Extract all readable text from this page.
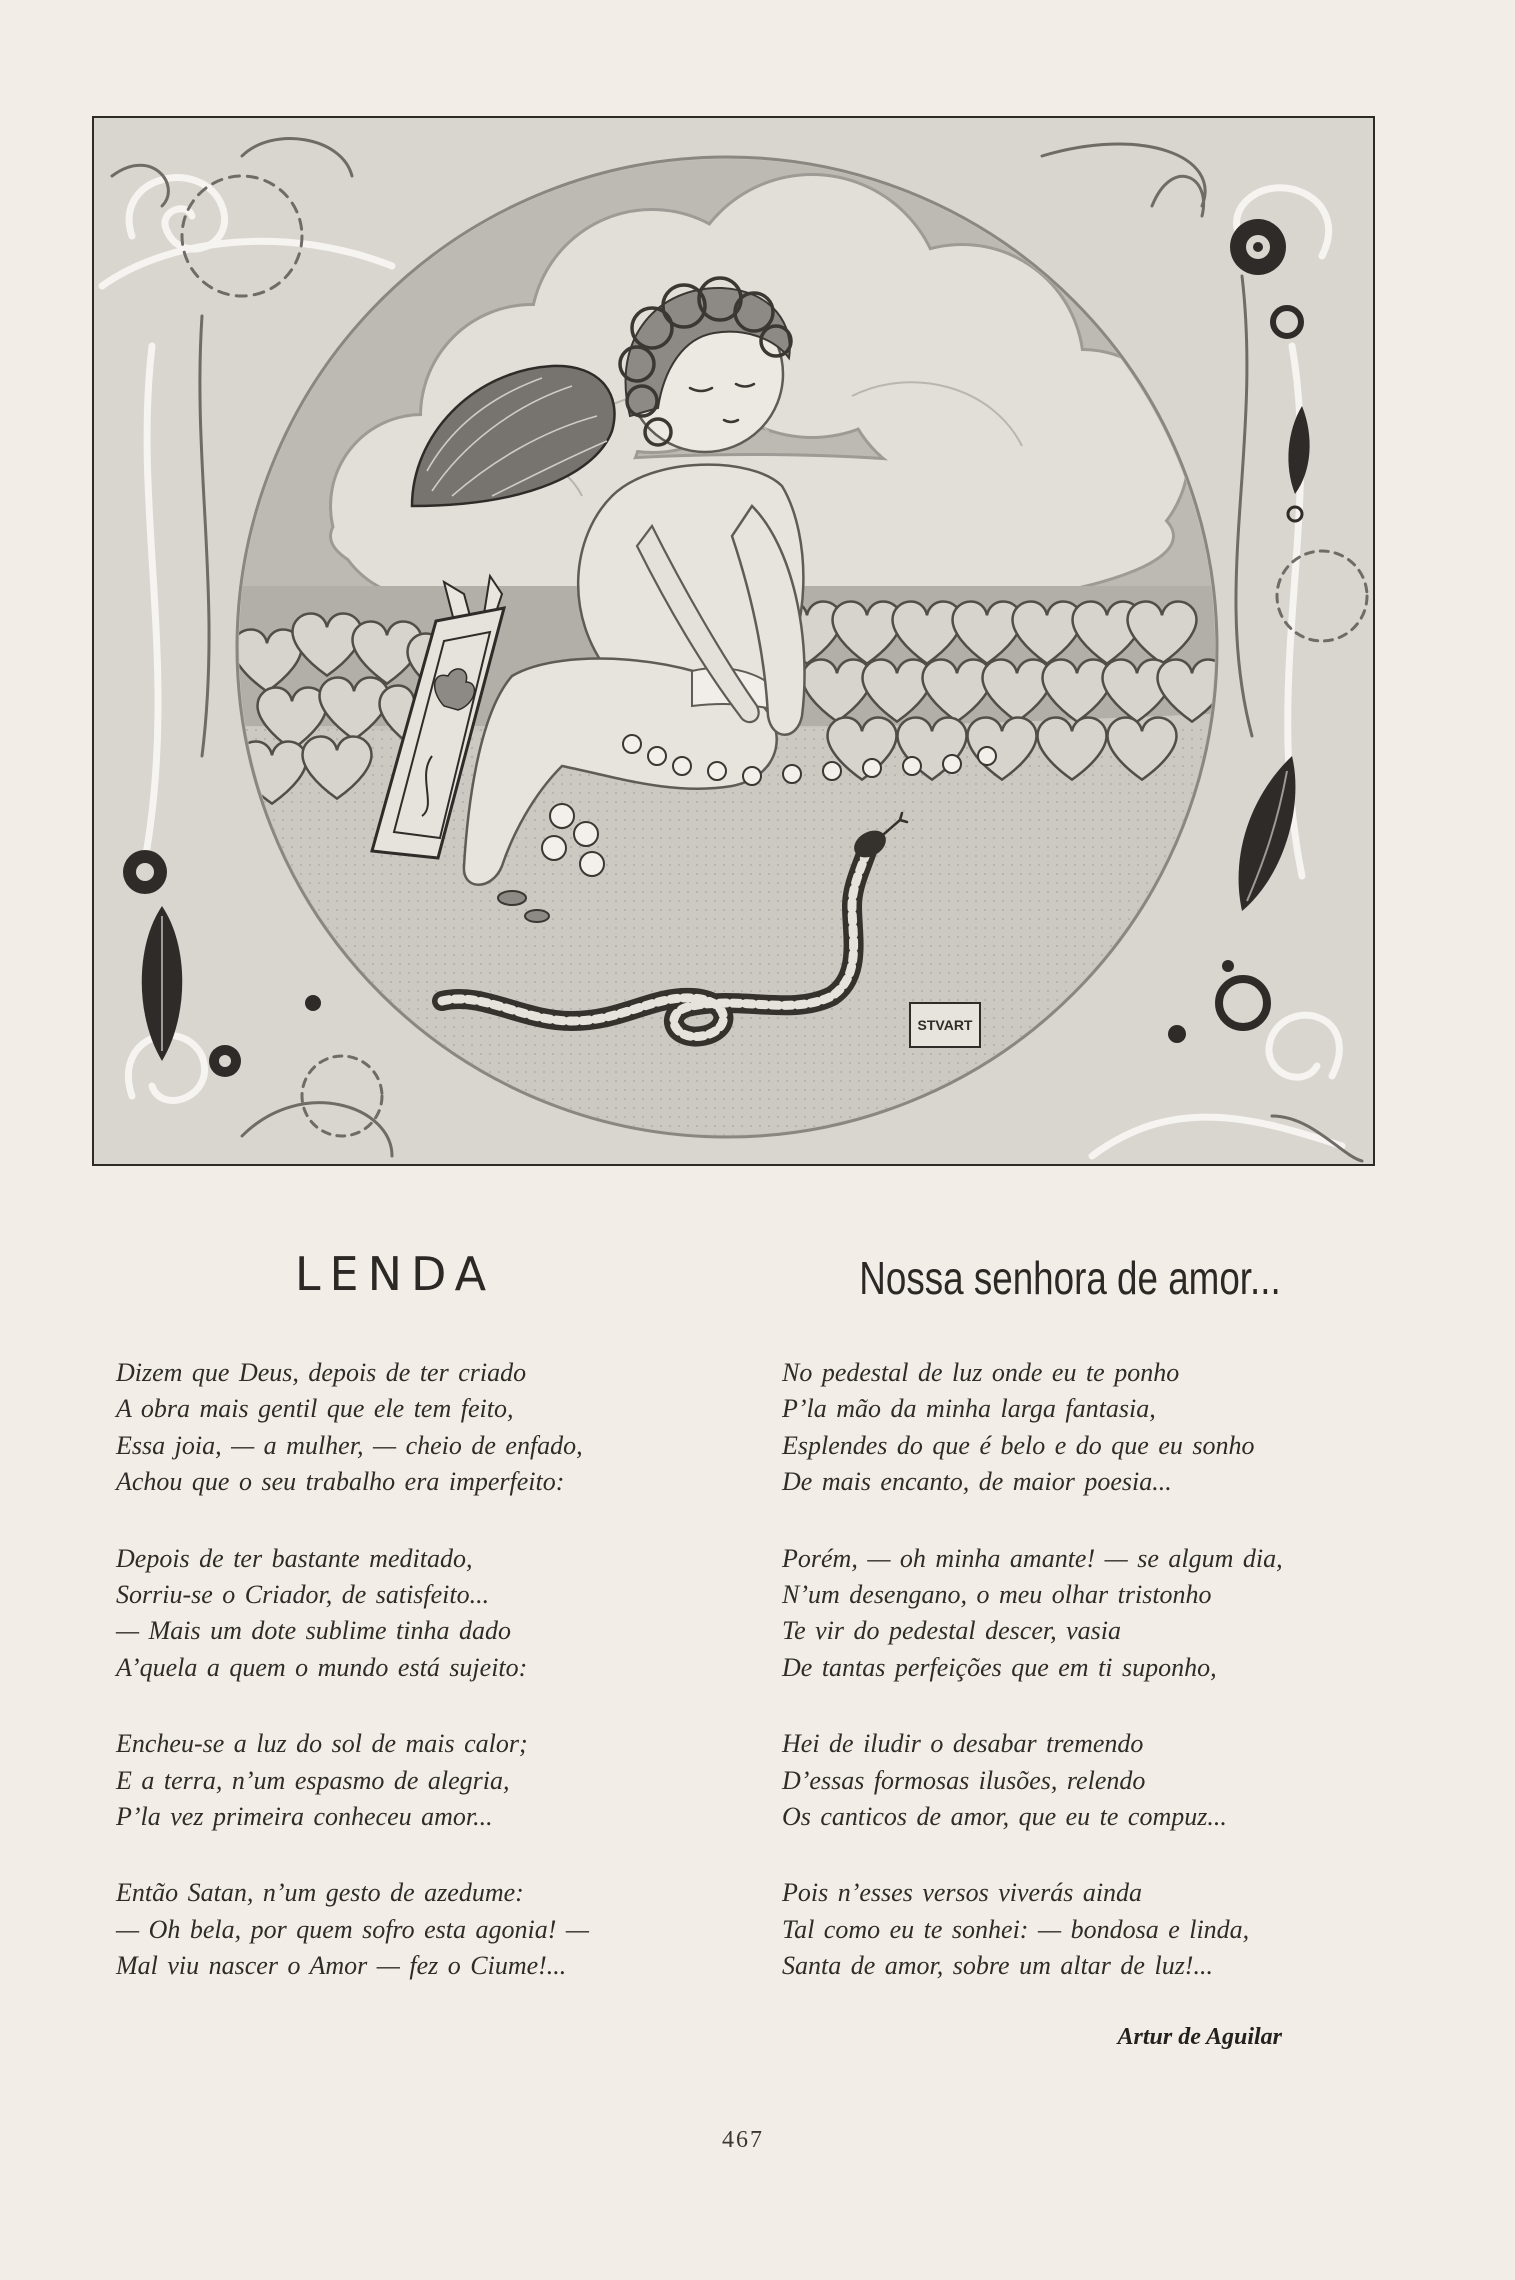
STVART
LENDA	Nossa senhora de amor...
Dizem que Deus, depois de ter criado
A obra mais gentil que ele tem feito,
Essa joia, — a mulher, — cheio de enfado,
Achou que o seu trabalho era imperfeito:
Depois de ter bastante meditado,
Sorriu-se o Criador, de satisfeito...
— Mais um dote sublime tinha dado
A’quela a quem o mundo está sujeito:
Encheu-se a luz do sol de mais calor;
E a terra, n’um espasmo de alegria,
P’la vez primeira conheceu amor...
Então Satan, n’um gesto de azedume:
— Oh bela, por quem sofro esta agonia! —
Mal viu nascer o Amor — fez o Ciume!...
No pedestal de luz onde eu te ponho
P’la mão da minha larga fantasia,
Esplendes do que é belo e do que eu sonho
De mais encanto, de maior poesia...
Porém, — oh minha amante! — se algum dia,
N’um desengano, o meu olhar tristonho
Te vir do pedestal descer, vasia
De tantas perfeições que em ti suponho,
Hei de iludir o desabar tremendo
D’essas formosas ilusões, relendo
Os canticos de amor, que eu te compuz...
Pois n’esses versos viverás ainda
Tal como eu te sonhei: — bondosa e linda,
Santa de amor, sobre um altar de luz!...
Artur de Aguilar
467
